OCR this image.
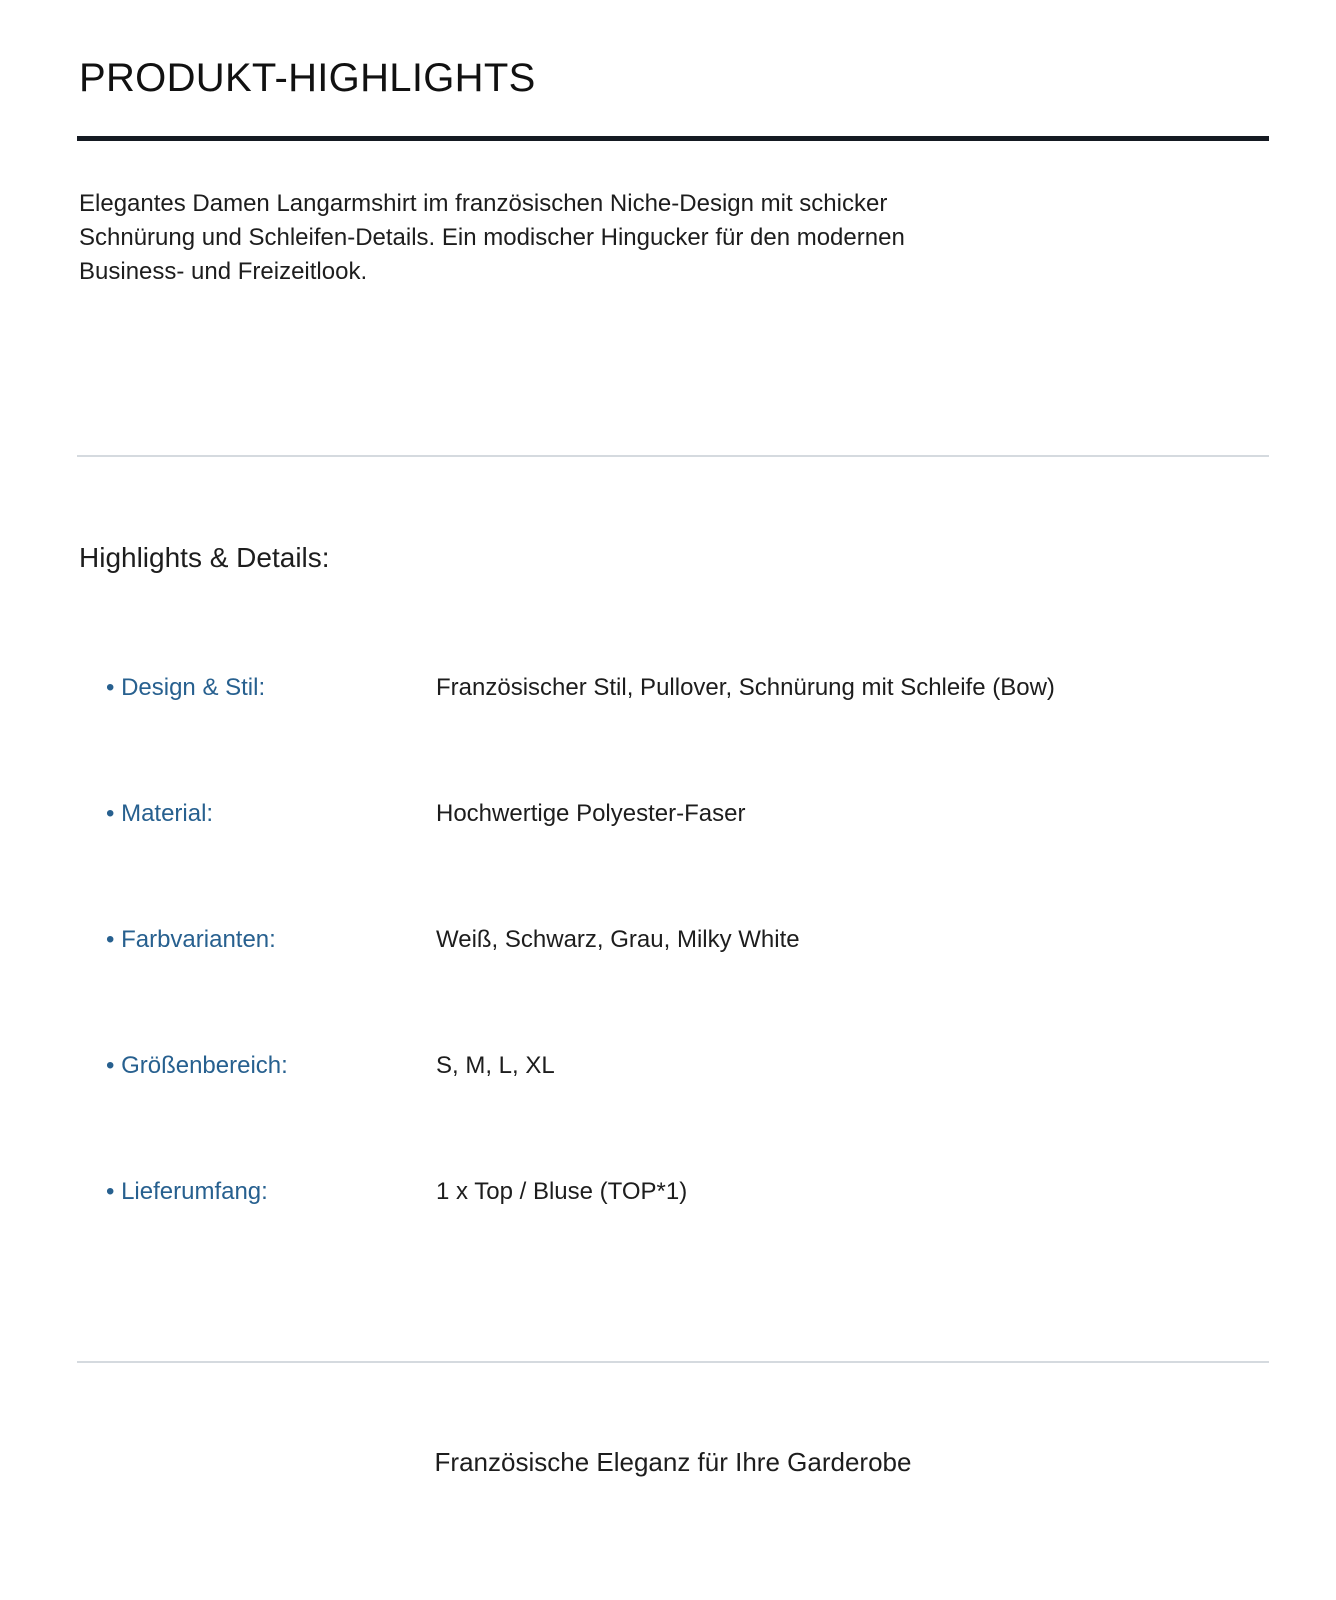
PRODUKT-HIGHLIGHTS

Elegantes Damen Langarmshirt im französischen Niche-Design mit schicker Schnürung und Schleifen-Details. Ein modischer Hingucker für den modernen Business- und Freizeitlook.

Highlights & Details:
• Design & Stil:	Französischer Stil, Pullover, Schnürung mit Schleife (Bow)
• Material:	Hochwertige Polyester-Faser
• Farbvarianten:	Weiß, Schwarz, Grau, Milky White
• Größenbereich:	S, M, L, XL
• Lieferumfang:	1 x Top / Bluse (TOP*1)

Französische Eleganz für Ihre Garderobe
